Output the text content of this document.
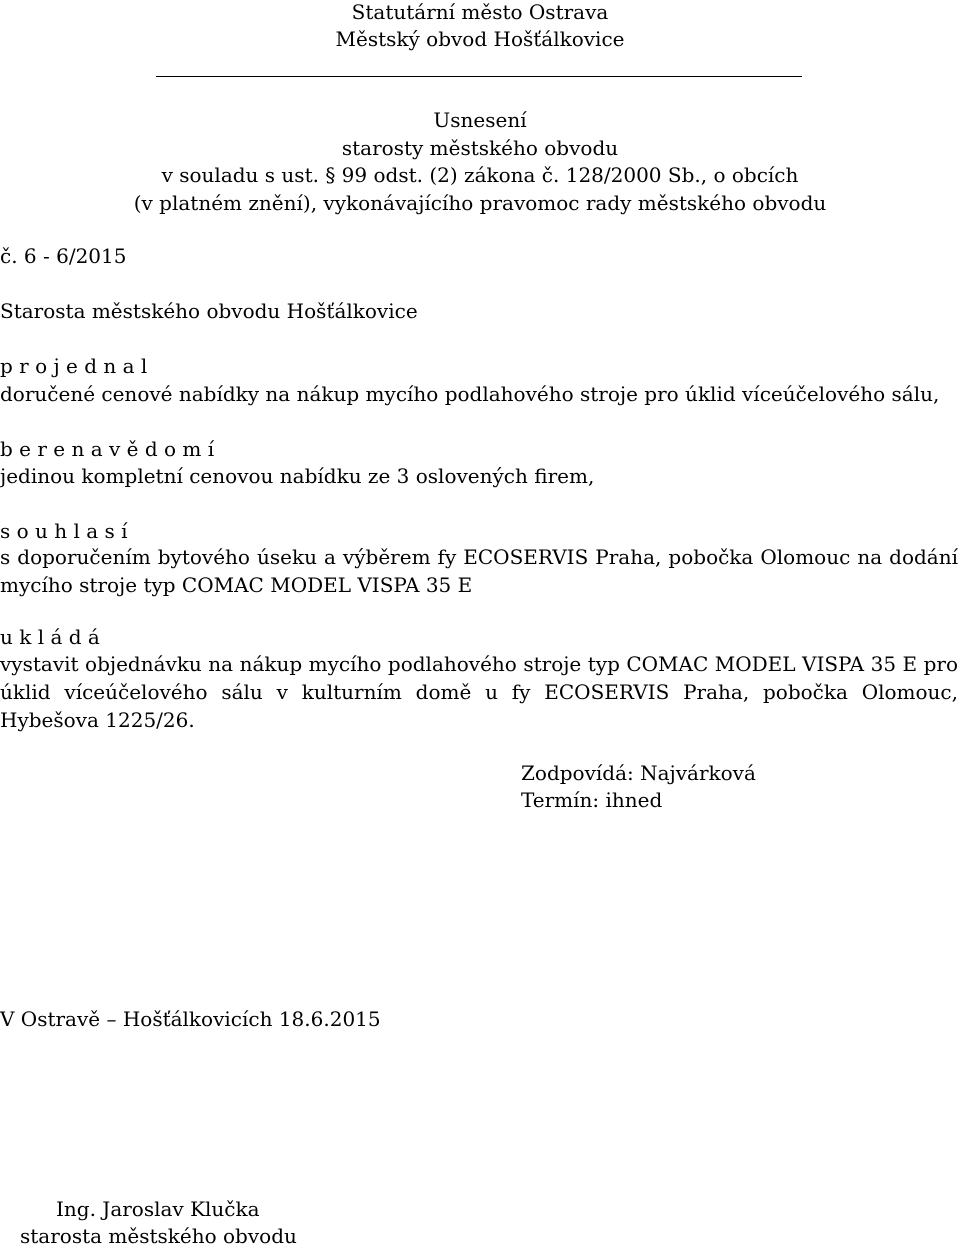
Statutární město Ostrava
Městský obvod Hošťálkovice
Usnesení
starosty městského obvodu
v souladu s ust. § 99 odst. (2) zákona č. 128/2000 Sb., o obcích
(v platném znění), vykonávajícího pravomoc rady městského obvodu
č. 6 - 6/2015
Starosta městského obvodu Hošťálkovice
p r o j e d n a l
doručené cenové nabídky na nákup mycího podlahového stroje pro úklid víceúčelového sálu,
b e r e n a v ě d o m í
jedinou kompletní cenovou nabídku ze 3 oslovených firem,
s o u h l a s í

s doporučením bytového úseku a výběrem fy ECOSERVIS Praha, pobočka Olomouc na dodání mycího stroje typ COMAC MODEL VISPA 35 E

u k l á d á

vystavit objednávku na nákup mycího podlahového stroje typ COMAC MODEL VISPA 35 E pro úklid víceúčelového sálu v kulturním domě u fy ECOSERVIS Praha, pobočka Olomouc, Hybešova 1225/26.

Zodpovídá: Najvárková
Termín: ihned
V Ostravě – Hošťálkovicích 18.6.2015
Ing. Jaroslav Klučka
starosta městského obvodu
